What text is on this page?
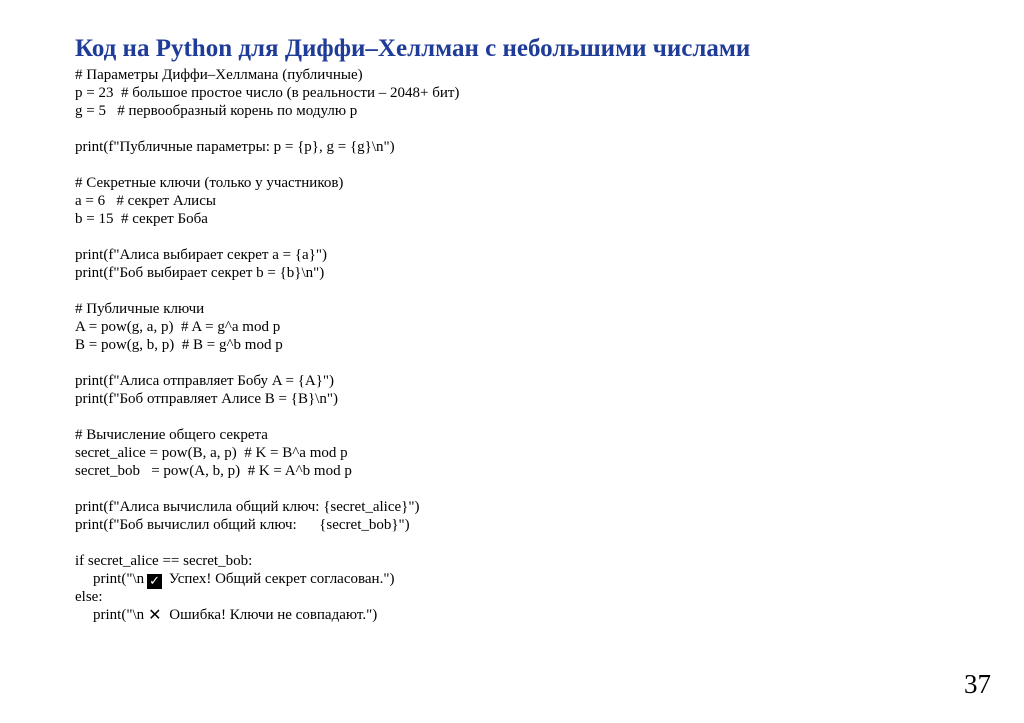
Код на Python для Диффи–Хеллман с небольшими числами
# Параметры Диффи–Хеллмана (публичные)
p = 23  # большое простое число (в реальности – 2048+ бит)
g = 5   # первообразный корень по модулю p
print(f"Публичные параметры: p = {p}, g = {g}\n")
# Секретные ключи (только у участников)
a = 6   # секрет Алисы
b = 15  # секрет Боба
print(f"Алиса выбирает секрет a = {a}")
print(f"Боб выбирает секрет b = {b}\n")
# Публичные ключи
A = pow(g, a, p)  # A = g^a mod p
B = pow(g, b, p)  # B = g^b mod p
print(f"Алиса отправляет Бобу A = {A}")
print(f"Боб отправляет Алисе B = {B}\n")
# Вычисление общего секрета
secret_alice = pow(B, a, p)  # K = B^a mod p
secret_bob   = pow(A, b, p)  # K = A^b mod p
print(f"Алиса вычислила общий ключ: {secret_alice}")
print(f"Боб вычислил общий ключ:      {secret_bob}")
if secret_alice == secret_bob:
print("\n ✓ Успех! Общий секрет согласован.")
else:
print("\n ✕ Ошибка! Ключи не совпадают.")
37
